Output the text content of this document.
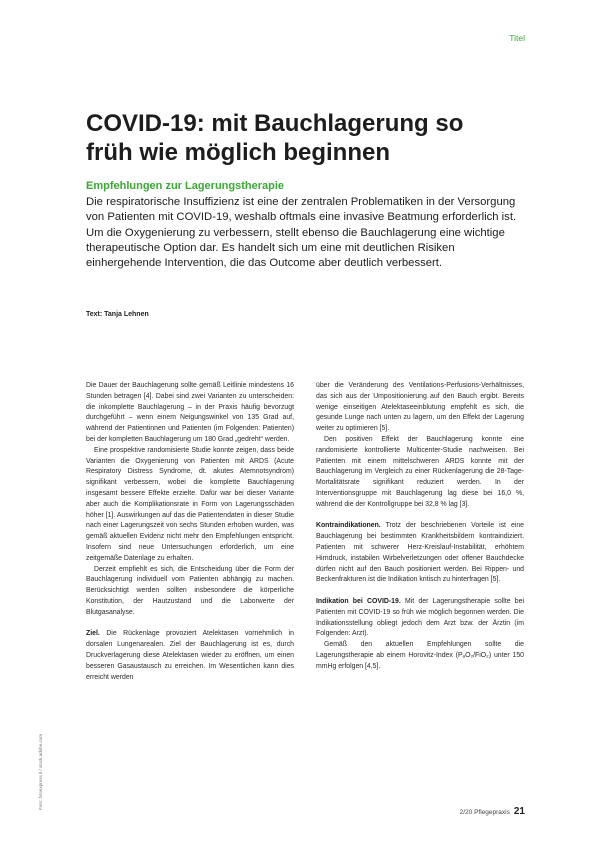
Titel
COVID-19: mit Bauchlagerung so früh wie möglich beginnen
Empfehlungen zur Lagerungstherapie

Die respiratorische Insuffizienz ist eine der zentralen Problematiken in der Versorgung von Patienten mit COVID-19, weshalb oftmals eine invasive Beatmung erforderlich ist. Um die Oxygenierung zu verbessern, stellt ebenso die Bauchlagerung eine wichtige therapeutische Option dar. Es handelt sich um eine mit deutlichen Risiken einhergehende Intervention, die das Outcome aber deutlich verbessert.

Text: Tanja Lehnen

Die Dauer der Bauchlagerung sollte gemäß Leitlinie mindestens 16 Stunden betragen [4]. Dabei sind zwei Varianten zu unterscheiden: die inkomplette Bauchlagerung – in der Praxis häufig bevorzugt durchgeführt – wenn einem Neigungswinkel von 135 Grad auf, während der Patientinnen und Patienten (im Folgenden: Patienten) bei der kompletten Bauchlagerung um 180 Grad „gedreht“ werden.

Eine prospektive randomisierte Studie konnte zeigen, dass beide Varianten die Oxygenierung von Patienten mit ARDS (Acute Respiratory Distress Syndrome, dt. akutes Atemnotsyndrom) signifikant verbessern, wobei die komplette Bauchlagerung insgesamt bessere Effekte erzielte. Dafür war bei dieser Variante aber auch die Komplikationsrate in Form von Lagerungsschäden höher [1]. Auswirkungen auf das die Patientendaten in dieser Studie nach einer Lagerungszeit von sechs Stunden erhoben wurden, was gemäß aktuellen Evidenz nicht mehr den Empfehlungen entspricht. Insofern sind neue Untersuchungen erforderlich, um eine zeitgemäße Datenlage zu erhalten.

Derzeit empfiehlt es sich, die Entscheidung über die Form der Bauchlagerung individuell vom Patienten abhängig zu machen. Berücksichtigt werden sollten insbesondere die körperliche Konstitution, der Hautzustand und die Laborwerte der Blutgasanalyse.

Ziel. Die Rückenlage provoziert Atelektasen vornehmlich in dorsalen Lungenarealen. Ziel der Bauchlagerung ist es, durch Druckverlagerung diese Atelektasen wieder zu eröffnen, um einen besseren Gasaustausch zu erreichen. Im Wesentlichen kann dies erreicht werden

über die Veränderung des Ventilations-Perfusions-Verhältnisses, das sich aus der Umpositionierung auf den Bauch ergibt. Bereits wenige einseitigen Atelektaseeinblutung empfehlt es sich, die gesunde Lunge nach unten zu lagern, um den Effekt der Lagerung weiter zu optimieren [5].

Den positiven Effekt der Bauchlagerung konnte eine randomisierte kontrollierte Multicenter-Studie nachweisen. Bei Patienten mit einem mittelschweren ARDS konnte mit der Bauchlagerung im Vergleich zu einer Rückenlagerung die 28-Tage-Mortalitätsrate signifikant reduziert werden. In der Interventionsgruppe mit Bauchlagerung lag diese bei 16,0 %, während die der Kontrollgruppe bei 32,8 % lag [3].

Kontraindikationen. Trotz der beschriebenen Vorteile ist eine Bauchlagerung bei bestimmten Krankheitsbildern kontraindiziert. Patienten mit schwerer Herz-Kreislauf-Instabilität, erhöhtem Hirndruck, instabilen Wirbelverletzungen oder offener Bauchdecke dürfen nicht auf den Bauch positioniert werden. Bei Rippen- und Beckenfrakturen ist die Indikation kritisch zu hinterfragen [5].

Indikation bei COVID-19. Mit der Lagerungstherapie sollte bei Patienten mit COVID-19 so früh wie möglich begonnen werden. Die Indikationsstellung obliegt jedoch dem Arzt bzw. der Ärztin (im Folgenden: Arzt).

Gemäß den aktuellen Empfehlungen sollte die Lagerungstherapie ab einem Horovitz-Index (PₐO₂/FiO₂) unter 150 mmHg erfolgen [4,5].

Foto: fotoexpress ti / stock.adobe.com
2/20 Pflegepraxis 21
